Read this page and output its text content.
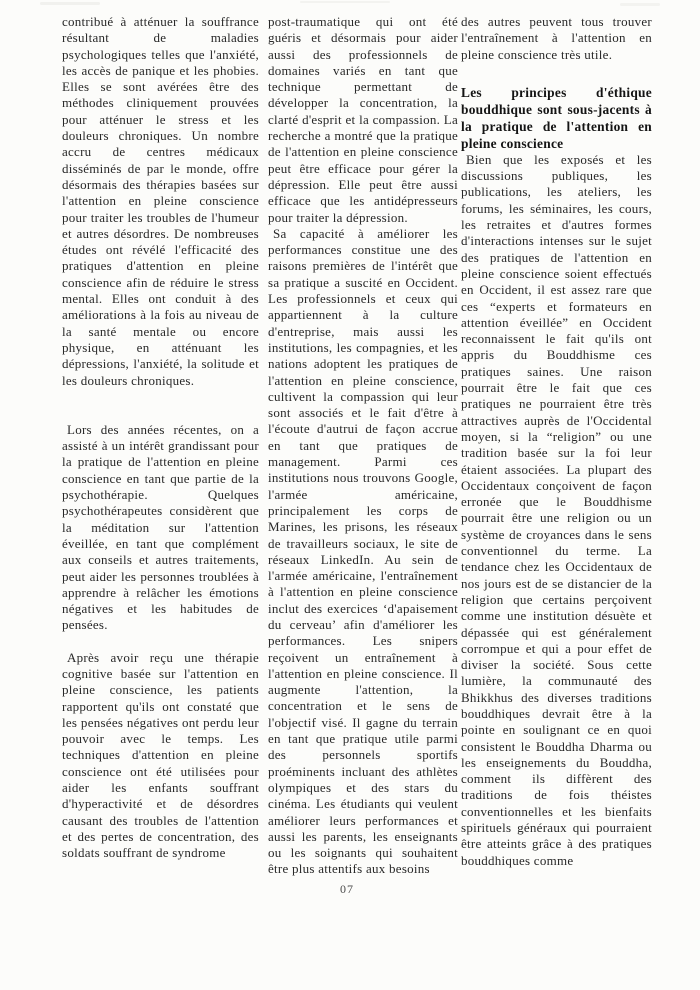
contribué à atténuer la souffrance résultant de maladies psychologiques telles que l'anxiété, les accès de panique et les phobies. Elles se sont avérées être des méthodes cliniquement prouvées pour atténuer le stress et les douleurs chroniques. Un nombre accru de centres médicaux disséminés de par le monde, offre désormais des thérapies basées sur l'attention en pleine conscience pour traiter les troubles de l'humeur et autres désordres. De nombreuses études ont révélé l'efficacité des pratiques d'attention en pleine conscience afin de réduire le stress mental. Elles ont conduit à des améliorations à la fois au niveau de la santé mentale ou encore physique, en atténuant les dépressions, l'anxiété, la solitude et les douleurs chroniques.

Lors des années récentes, on a assisté à un intérêt grandissant pour la pratique de l'attention en pleine conscience en tant que partie de la psychothérapie. Quelques psychothérapeutes considèrent que la méditation sur l'attention éveillée, en tant que complément aux conseils et autres traitements, peut aider les personnes troublées à apprendre à relâcher les émotions négatives et les habitudes de pensées.

Après avoir reçu une thérapie cognitive basée sur l'attention en pleine conscience, les patients rapportent qu'ils ont constaté que les pensées négatives ont perdu leur pouvoir avec le temps. Les techniques d'attention en pleine conscience ont été utilisées pour aider les enfants souffrant d'hyperactivité et de désordres causant des troubles de l'attention et des pertes de concentration, des soldats souffrant de syndrome

post-traumatique qui ont été guéris et désormais pour aider aussi des professionnels de domaines variés en tant que technique permettant de développer la concentration, la clarté d'esprit et la compassion. La recherche a montré que la pratique de l'attention en pleine conscience peut être efficace pour gérer la dépression. Elle peut être aussi efficace que les antidépresseurs pour traiter la dépression.

Sa capacité à améliorer les performances constitue une des raisons premières de l'intérêt que sa pratique a suscité en Occident. Les professionnels et ceux qui appartiennent à la culture d'entreprise, mais aussi les institutions, les compagnies, et les nations adoptent les pratiques de l'attention en pleine conscience, cultivent la compassion qui leur sont associés et le fait d'être à l'écoute d'autrui de façon accrue en tant que pratiques de management. Parmi ces institutions nous trouvons Google, l'armée américaine, principalement les corps de Marines, les prisons, les réseaux de travailleurs sociaux, le site de réseaux LinkedIn. Au sein de l'armée américaine, l'entraînement à l'attention en pleine conscience inclut des exercices ‘d'apaisement du cerveau’ afin d'améliorer les performances. Les snipers reçoivent un entraînement à l'attention en pleine conscience. Il augmente l'attention, la concentration et le sens de l'objectif visé. Il gagne du terrain en tant que pratique utile parmi des personnels sportifs proéminents incluant des athlètes olympiques et des stars du cinéma. Les étudiants qui veulent améliorer leurs performances et aussi les parents, les enseignants ou les soignants qui souhaitent être plus attentifs aux besoins

des autres peuvent tous trouver l'entraînement à l'attention en pleine conscience très utile.

Les principes d'éthique bouddhique sont sous-jacents à la pratique de l'attention en pleine conscience

Bien que les exposés et les discussions publiques, les publications, les ateliers, les forums, les séminaires, les cours, les retraites et d'autres formes d'interactions intenses sur le sujet des pratiques de l'attention en pleine conscience soient effectués en Occident, il est assez rare que ces “experts et formateurs en attention éveillée” en Occident reconnaissent le fait qu'ils ont appris du Bouddhisme ces pratiques saines. Une raison pourrait être le fait que ces pratiques ne pourraient être très attractives auprès de l'Occidental moyen, si la “religion” ou une tradition basée sur la foi leur étaient associées. La plupart des Occidentaux conçoivent de façon erronée que le Bouddhisme pourrait être une religion ou un système de croyances dans le sens conventionnel du terme. La tendance chez les Occidentaux de nos jours est de se distancier de la religion que certains perçoivent comme une institution désuète et dépassée qui est généralement corrompue et qui a pour effet de diviser la société. Sous cette lumière, la communauté des Bhikkhus des diverses traditions bouddhiques devrait être à la pointe en soulignant ce en quoi consistent le Bouddha Dharma ou les enseignements du Bouddha, comment ils diffèrent des traditions de fois théistes conventionnelles et les bienfaits spirituels généraux qui pourraient être atteints grâce à des pratiques bouddhiques comme

07
